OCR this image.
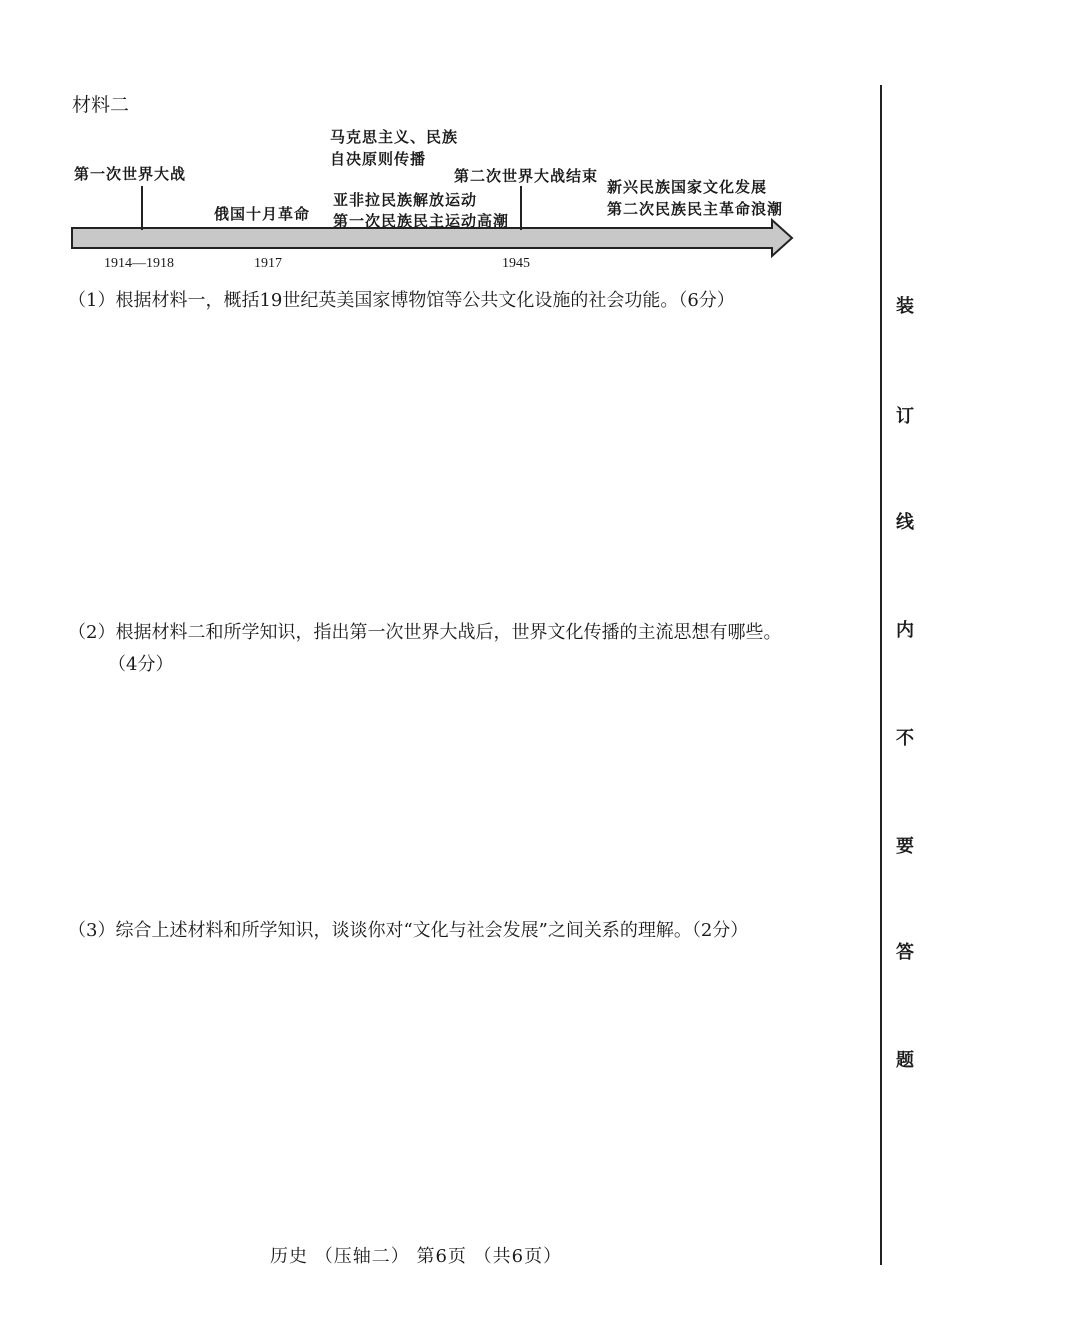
材料二
第一次世界大战
俄国十月革命
马克思主义、民族
自决原则传播
亚非拉民族解放运动
第一次民族民主运动高潮
第二次世界大战结束
新兴民族国家文化发展
第二次民族民主革命浪潮
1914—1918	1917	1945
（1）根据材料一，概括19世纪英美国家博物馆等公共文化设施的社会功能。（6分）
（2）根据材料二和所学知识，指出第一次世界大战后，世界文化传播的主流思想有哪些。
（4分）
（3）综合上述材料和所学知识，谈谈你对“文化与社会发展”之间关系的理解。（2分）
历史 （压轴二） 第6页 （共6页）
装
订
线
内
不
要
答
题
